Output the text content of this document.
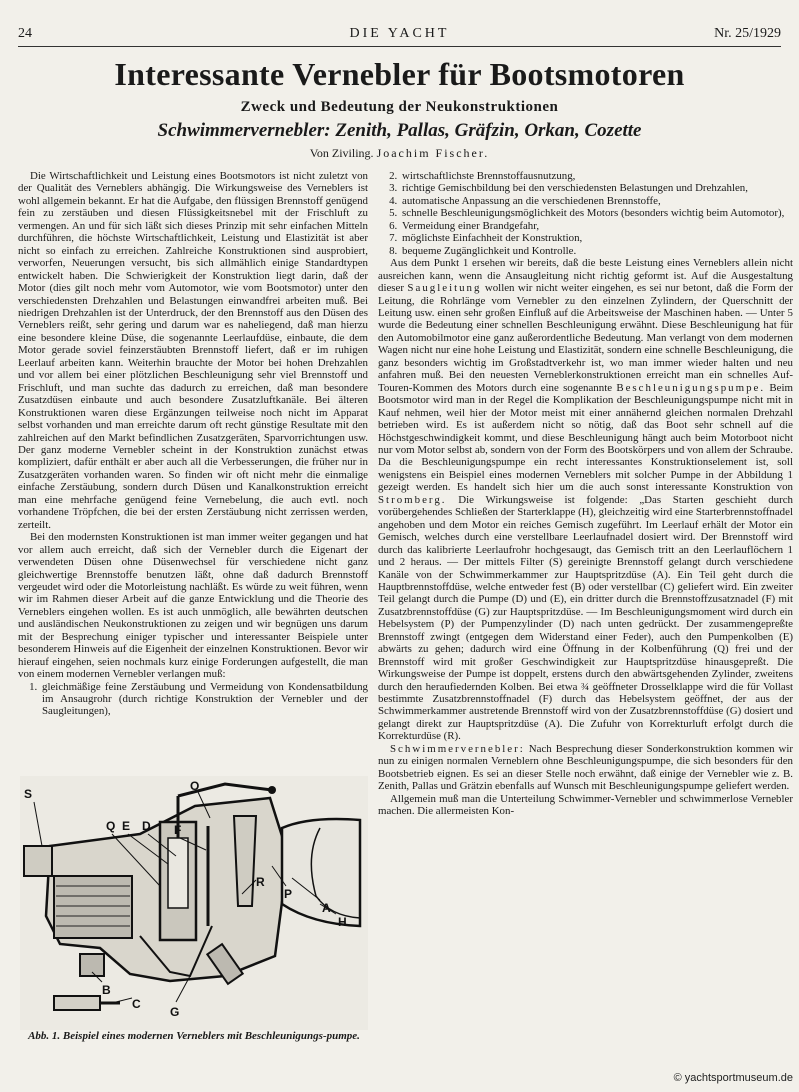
24	DIE YACHT	Nr. 25/1929
Interessante Vernebler für Bootsmotoren
Zweck und Bedeutung der Neukonstruktionen
Schwimmervernebler: Zenith, Pallas, Gräfzin, Orkan, Cozette
Von Ziviling. Joachim Fischer.

Die Wirtschaftlichkeit und Leistung eines Bootsmotors ist nicht zuletzt von der Qualität des Verneblers abhängig. Die Wirkungsweise des Verneblers ist wohl allgemein bekannt. Er hat die Aufgabe, den flüssigen Brennstoff genügend fein zu zerstäuben und diesen Flüssigkeitsnebel mit der Frischluft zu vermengen. An und für sich läßt sich dieses Prinzip mit sehr einfachen Mitteln durchführen, die höchste Wirtschaftlichkeit, Leistung und Elastizität ist aber nicht so einfach zu erreichen. Zahlreiche Konstruktionen sind ausprobiert, verworfen, Neuerungen versucht, bis sich allmählich einige Standardtypen entwickelt haben. Die Schwierigkeit der Konstruktion liegt darin, daß der Motor (dies gilt noch mehr vom Automotor, wie vom Bootsmotor) unter den verschiedensten Drehzahlen und Belastungen einwandfrei arbeiten muß. Bei niedrigen Drehzahlen ist der Unterdruck, der den Brennstoff aus den Düsen des Verneblers reißt, sehr gering und darum war es naheliegend, daß man hierzu eine besondere kleine Düse, die sogenannte Leerlaufdüse, einbaute, die dem Motor gerade soviel feinzerstäubten Brennstoff liefert, daß er im ruhigen Leerlauf arbeiten kann. Weiterhin brauchte der Motor bei hohen Drehzahlen und vor allem bei einer plötzlichen Beschleunigung sehr viel Brennstoff und Frischluft, und man suchte das dadurch zu erreichen, daß man besondere Zusatzdüsen einbaute und auch besondere Zusatzluftkanäle. Bei älteren Konstruktionen waren diese Ergänzungen teilweise noch nicht im Apparat selbst vorhanden und man erreichte darum oft recht günstige Resultate mit den zahlreichen auf den Markt befindlichen Zusatzgeräten, Sparvorrichtungen usw. Der ganz moderne Vernebler scheint in der Konstruktion zunächst etwas kompliziert, dafür enthält er aber auch all die Verbesserungen, die früher nur in Zusatzgeräten vorhanden waren. So finden wir oft nicht mehr die einmalige einfache Zerstäubung, sondern durch Düsen und Kanalkonstruktion erreicht man eine mehrfache genügend feine Vernebelung, die auch evtl. noch vorhandene Tröpfchen, die bei der ersten Zerstäubung nicht zerrissen werden, zerteilt.

Bei den modernsten Konstruktionen ist man immer weiter gegangen und hat vor allem auch erreicht, daß sich der Vernebler durch die Eigenart der verwendeten Düsen ohne Düsenwechsel für verschiedene nicht ganz gleichwertige Brennstoffe benutzen läßt, ohne daß dadurch Brennstoff vergeudet wird oder die Motorleistung nachläßt. Es würde zu weit führen, wenn wir im Rahmen dieser Arbeit auf die ganze Entwicklung und die Theorie des Verneblers eingehen wollen. Es ist auch unmöglich, alle bewährten deutschen und ausländischen Neukonstruktionen zu zeigen und wir begnügen uns darum mit der Besprechung einiger typischer und interessanter Beispiele unter besonderem Hinweis auf die Eigenheit der einzelnen Konstruktionen. Bevor wir hierauf eingehen, seien nochmals kurz einige Forderungen aufgestellt, die man von einem modernen Vernebler verlangen muß:

1. gleichmäßige feine Zerstäubung und Vermeidung von Kondensatbildung im Ansaugrohr (durch richtige Konstruktion der Vernebler und der Saugleitungen),
S
O
Q E D F
R
P
A
H
B
C
G
Abb. 1. Beispiel eines modernen Verneblers mit Beschleunigungs-pumpe.
2. wirtschaftlichste Brennstoffausnutzung,
3. richtige Gemischbildung bei den verschiedensten Belastungen und Drehzahlen,
4. automatische Anpassung an die verschiedenen Brennstoffe,
5. schnelle Beschleunigungsmöglichkeit des Motors (besonders wichtig beim Automotor),
6. Vermeidung einer Brandgefahr,
7. möglichste Einfachheit der Konstruktion,
8. bequeme Zugänglichkeit und Kontrolle.

Aus dem Punkt 1 ersehen wir bereits, daß die beste Leistung eines Verneblers allein nicht ausreichen kann, wenn die Ansaugleitung nicht richtig geformt ist. Auf die Ausgestaltung dieser Saugleitung wollen wir nicht weiter eingehen, es sei nur betont, daß die Form der Leitung, die Rohrlänge vom Vernebler zu den einzelnen Zylindern, der Querschnitt der Leitung usw. einen sehr großen Einfluß auf die Arbeitsweise der Maschinen haben. — Unter 5 wurde die Bedeutung einer schnellen Beschleunigung erwähnt. Diese Beschleunigung hat für den Automobilmotor eine ganz außerordentliche Bedeutung. Man verlangt von dem modernen Wagen nicht nur eine hohe Leistung und Elastizität, sondern eine schnelle Beschleunigung, die ganz besonders wichtig im Großstadtverkehr ist, wo man immer wieder halten und neu anfahren muß. Bei den neuesten Verneblerkonstruktionen erreicht man ein schnelles Auf-Touren-Kommen des Motors durch eine sogenannte Beschleunigungspumpe. Beim Bootsmotor wird man in der Regel die Komplikation der Beschleunigungspumpe nicht mit in Kauf nehmen, weil hier der Motor meist mit einer annähernd gleichen normalen Drehzahl betrieben wird. Es ist außerdem nicht so nötig, daß das Boot sehr schnell auf die Höchstgeschwindigkeit kommt, und diese Beschleunigung hängt auch beim Motorboot nicht nur vom Motor selbst ab, sondern von der Form des Bootskörpers und von allem der Schraube. Da die Beschleunigungspumpe ein recht interessantes Konstruktionselement ist, soll wenigstens ein Beispiel eines modernen Verneblers mit solcher Pumpe in der Abbildung 1 gezeigt werden. Es handelt sich hier um die auch sonst interessante Konstruktion von Stromberg. Die Wirkungsweise ist folgende: „Das Starten geschieht durch vorübergehendes Schließen der Starterklappe (H), gleichzeitig wird eine Starterbrennstoffnadel angehoben und dem Motor ein reiches Gemisch zugeführt. Im Leerlauf erhält der Motor ein Gemisch, welches durch eine verstellbare Leerlaufnadel dosiert wird. Der Brennstoff wird durch das kalibrierte Leerlaufrohr hochgesaugt, das Gemisch tritt an den Leerlauflöchern 1 und 2 heraus. — Der mittels Filter (S) gereinigte Brennstoff gelangt durch verschiedene Kanäle von der Schwimmerkammer zur Hauptspritzdüse (A). Ein Teil geht durch die Hauptbrennstoffdüse, welche entweder fest (B) oder verstellbar (C) geliefert wird. Ein zweiter Teil gelangt durch die Pumpe (D) und (E), ein dritter durch die Brennstoffzusatznadel (F) mit Zusatzbrennstoffdüse (G) zur Hauptspritzdüse. — Im Beschleunigungsmoment wird durch ein Hebelsystem (P) der Pumpenzylinder (D) nach unten gedrückt. Der zusammengepreßte Brennstoff zwingt (entgegen dem Widerstand einer Feder), auch den Pumpenkolben (E) abwärts zu gehen; dadurch wird eine Öffnung in der Kolbenführung (Q) frei und der Brennstoff wird mit großer Geschwindigkeit zur Hauptspritzdüse hinausgepreßt. Die Wirkungsweise der Pumpe ist doppelt, erstens durch den abwärtsgehenden Zylinder, zweitens durch den heraufiedernden Kolben. Bei etwa ¾ geöffneter Drosselklappe wird die für Vollast bestimmte Zusatzbrennstoffnadel (F) durch das Hebelsystem geöffnet, der aus der Schwimmerkammer austretende Brennstoff wird von der Zusatzbrennstoffdüse (G) dosiert und gelangt direkt zur Hauptspritzdüse (A). Die Zufuhr von Korrekturluft erfolgt durch die Korrekturdüse (R).

Schwimmervernebler: Nach Besprechung dieser Sonderkonstruktion kommen wir nun zu einigen normalen Verneblern ohne Beschleunigungspumpe, die sich besonders für den Bootsbetrieb eignen. Es sei an dieser Stelle noch erwähnt, daß einige der Vernebler wie z. B. Zenith, Pallas und Grätzin ebenfalls auf Wunsch mit Beschleunigungspumpe geliefert werden.

Allgemein muß man die Unterteilung Schwimmer-Vernebler und schwimmerlose Vernebler machen. Die allermeisten Kon-

© yachtsportmuseum.de
